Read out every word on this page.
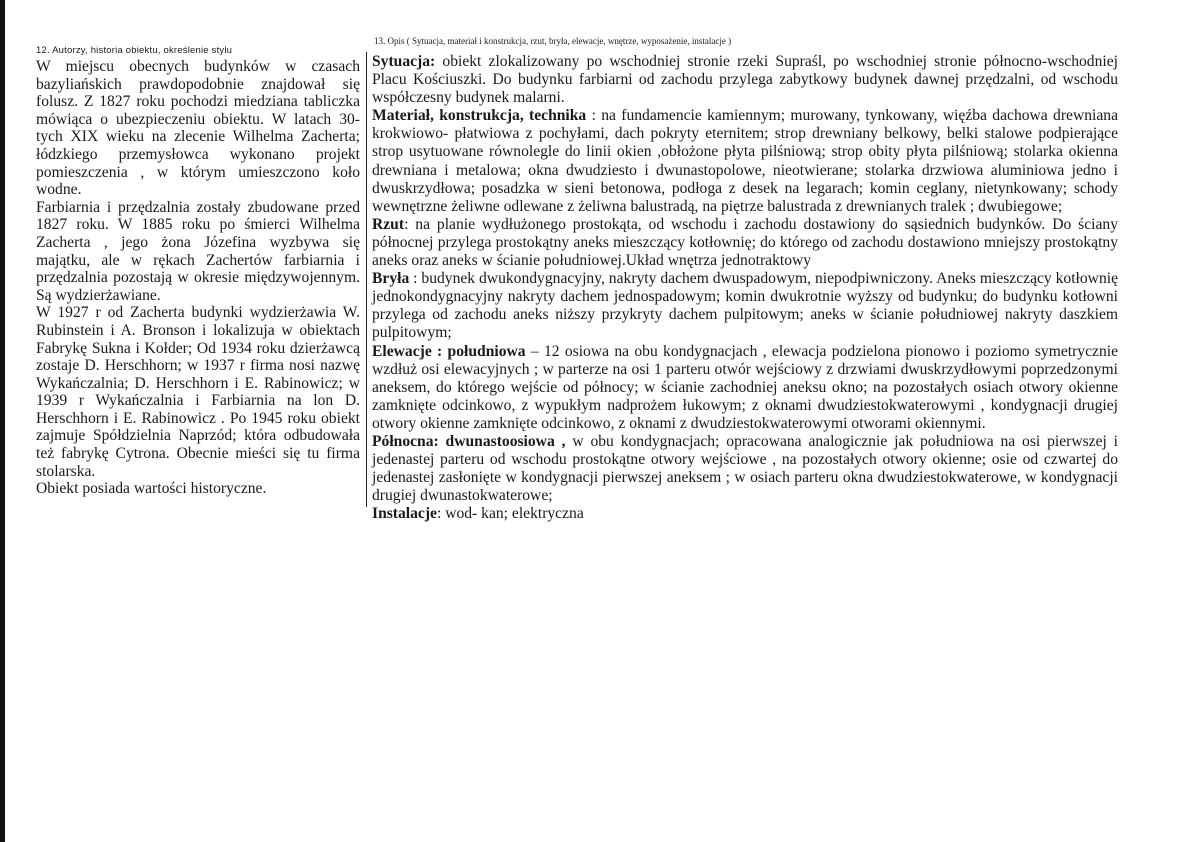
12. Autorzy, historia obiektu, określenie stylu
13. Opis ( Sytuacja, materiał i konstrukcja, rzut, bryła, elewacje, wnętrze, wyposażenie, instalacje )

W miejscu obecnych budynków w czasach bazyliańskich prawdopodobnie znajdował się folusz. Z 1827 roku pochodzi miedziana tabliczka mówiąca o ubezpieczeniu obiektu. W latach 30-tych XIX wieku na zlecenie Wilhelma Zacherta; łódzkiego przemysłowca wykonano projekt pomieszczenia , w którym umieszczono koło wodne.

Farbiarnia i przędzalnia zostały zbudowane przed 1827 roku. W 1885 roku po śmierci Wilhelma Zacherta , jego żona Józefina wyzbywa się majątku, ale w rękach Zachertów farbiarnia i przędzalnia pozostają w okresie międzywojennym. Są wydzierżawiane.

W 1927 r od Zacherta budynki wydzierżawia W. Rubinstein i A. Bronson i lokalizuja w obiektach Fabrykę Sukna i Kołder; Od 1934 roku dzierżawcą zostaje D. Herschhorn; w 1937 r firma nosi nazwę Wykańczalnia; D. Herschhorn i E. Rabinowicz; w 1939 r Wykańczalnia i Farbiarnia na lon D. Herschhorn i E. Rabinowicz . Po 1945 roku obiekt zajmuje Spółdzielnia Naprzód; która odbudowała też fabrykę Cytrona. Obecnie mieści się tu firma stolarska.

Obiekt posiada wartości historyczne.

Sytuacja: obiekt zlokalizowany po wschodniej stronie rzeki Supraśl, po wschodniej stronie północno-wschodniej Placu Kościuszki. Do budynku farbiarni od zachodu przylega zabytkowy budynek dawnej przędzalni, od wschodu współczesny budynek malarni.

Materiał, konstrukcja, technika : na fundamencie kamiennym; murowany, tynkowany, więźba dachowa drewniana krokwiowo- płatwiowa z pochyłami, dach pokryty eternitem; strop drewniany belkowy, belki stalowe podpierające strop usytuowane równolegle do linii okien ,obłożone płyta pilśniową; strop obity płyta pilśniową; stolarka okienna drewniana i metalowa; okna dwudziesto i dwunastopolowe, nieotwierane; stolarka drzwiowa aluminiowa jedno i dwuskrzydłowa; posadzka w sieni betonowa, podłoga z desek na legarach; komin ceglany, nietynkowany; schody wewnętrzne żeliwne odlewane z żeliwna balustradą, na piętrze balustrada z drewnianych tralek ; dwubiegowe;

Rzut: na planie wydłużonego prostokąta, od wschodu i zachodu dostawiony do sąsiednich budynków. Do ściany północnej przylega prostokątny aneks mieszczący kotłownię; do którego od zachodu dostawiono mniejszy prostokątny aneks oraz aneks w ścianie południowej.Układ wnętrza jednotraktowy

Bryła : budynek dwukondygnacyjny, nakryty dachem dwuspadowym, niepodpiwniczony. Aneks mieszczący kotłownię jednokondygnacyjny nakryty dachem jednospadowym; komin dwukrotnie wyższy od budynku; do budynku kotłowni przylega od zachodu aneks niższy przykryty dachem pulpitowym; aneks w ścianie południowej nakryty daszkiem pulpitowym;

Elewacje : południowa – 12 osiowa na obu kondygnacjach , elewacja podzielona pionowo i poziomo symetrycznie wzdłuż osi elewacyjnych ; w parterze na osi 1 parteru otwór wejściowy z drzwiami dwuskrzydłowymi poprzedzonymi aneksem, do którego wejście od północy; w ścianie zachodniej aneksu okno; na pozostałych osiach otwory okienne zamknięte odcinkowo, z wypukłym nadprożem łukowym; z oknami dwudziestokwaterowymi , kondygnacji drugiej otwory okienne zamknięte odcinkowo, z oknami z dwudziestokwaterowymi otworami okiennymi.

Północna: dwunastoosiowa , w obu kondygnacjach; opracowana analogicznie jak południowa na osi pierwszej i jedenastej parteru od wschodu prostokątne otwory wejściowe , na pozostałych otwory okienne; osie od czwartej do jedenastej zasłonięte w kondygnacji pierwszej aneksem ; w osiach parteru okna dwudziestokwaterowe, w kondygnacji drugiej dwunastokwaterowe;

Instalacje: wod- kan; elektryczna
